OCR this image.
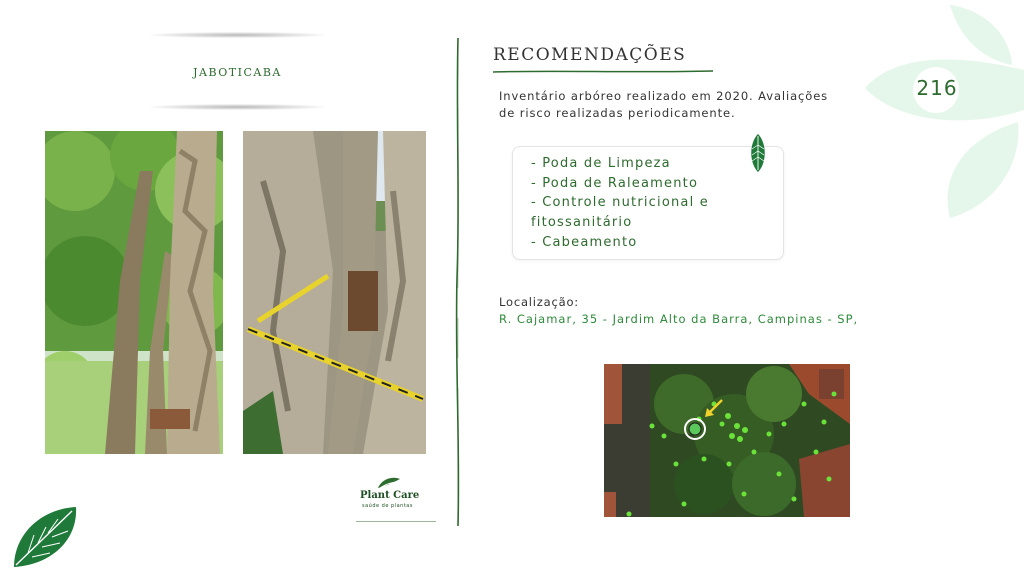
216
JABOTICABA
Plant Care
saúde de plantas
RECOMENDAÇÕES
Inventário arbóreo realizado em 2020. Avaliações
de risco realizadas periodicamente.
- Poda de Limpeza
- Poda de Raleamento
- Controle nutricional e
fitossanitário
- Cabeamento
Localização:
R. Cajamar, 35 - Jardim Alto da Barra, Campinas - SP,
